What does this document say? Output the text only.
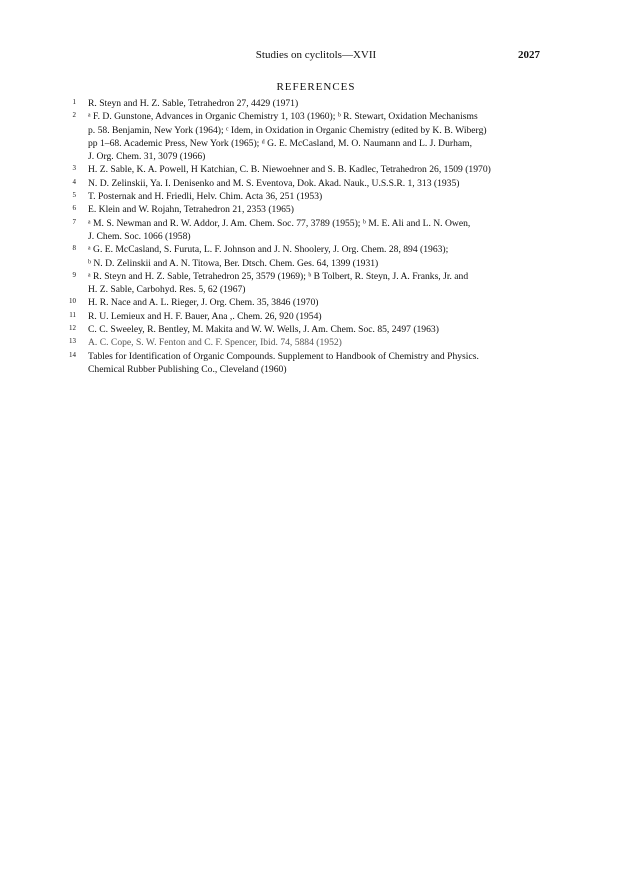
Studies on cyclitols—XVII	2027
REFERENCES
1 R. Steyn and H. Z. Sable, Tetrahedron 27, 4429 (1971)
2 ᵃ F. D. Gunstone, Advances in Organic Chemistry 1, 103 (1960); ᵇ R. Stewart, Oxidation Mechanisms
p. 58. Benjamin, New York (1964); ᶜ Idem, in Oxidation in Organic Chemistry (edited by K. B. Wiberg)
pp 1–68. Academic Press, New York (1965); ᵈ G. E. McCasland, M. O. Naumann and L. J. Durham,
J. Org. Chem. 31, 3079 (1966)
3 H. Z. Sable, K. A. Powell, H Katchian, C. B. Niewoehner and S. B. Kadlec, Tetrahedron 26, 1509 (1970)
4 N. D. Zelinskii, Ya. I. Denisenko and M. S. Eventova, Dok. Akad. Nauk., U.S.S.R. 1, 313 (1935)
5 T. Posternak and H. Friedli, Helv. Chim. Acta 36, 251 (1953)
6 E. Klein and W. Rojahn, Tetrahedron 21, 2353 (1965)
7 ᵃ M. S. Newman and R. W. Addor, J. Am. Chem. Soc. 77, 3789 (1955); ᵇ M. E. Ali and L. N. Owen,
J. Chem. Soc. 1066 (1958)
8 ᵃ G. E. McCasland, S. Furuta, L. F. Johnson and J. N. Shoolery, J. Org. Chem. 28, 894 (1963);
ᵇ N. D. Zelinskii and A. N. Titowa, Ber. Dtsch. Chem. Ges. 64, 1399 (1931)
9 ᵃ R. Steyn and H. Z. Sable, Tetrahedron 25, 3579 (1969); ᵇ B Tolbert, R. Steyn, J. A. Franks, Jr. and
H. Z. Sable, Carbohyd. Res. 5, 62 (1967)
10 H. R. Nace and A. L. Rieger, J. Org. Chem. 35, 3846 (1970)
11 R. U. Lemieux and H. F. Bauer, Ana ,. Chem. 26, 920 (1954)
12 C. C. Sweeley, R. Bentley, M. Makita and W. W. Wells, J. Am. Chem. Soc. 85, 2497 (1963)
13 A. C. Cope, S. W. Fenton and C. F. Spencer, Ibid. 74, 5884 (1952)
14 Tables for Identification of Organic Compounds. Supplement to Handbook of Chemistry and Physics.
Chemical Rubber Publishing Co., Cleveland (1960)
